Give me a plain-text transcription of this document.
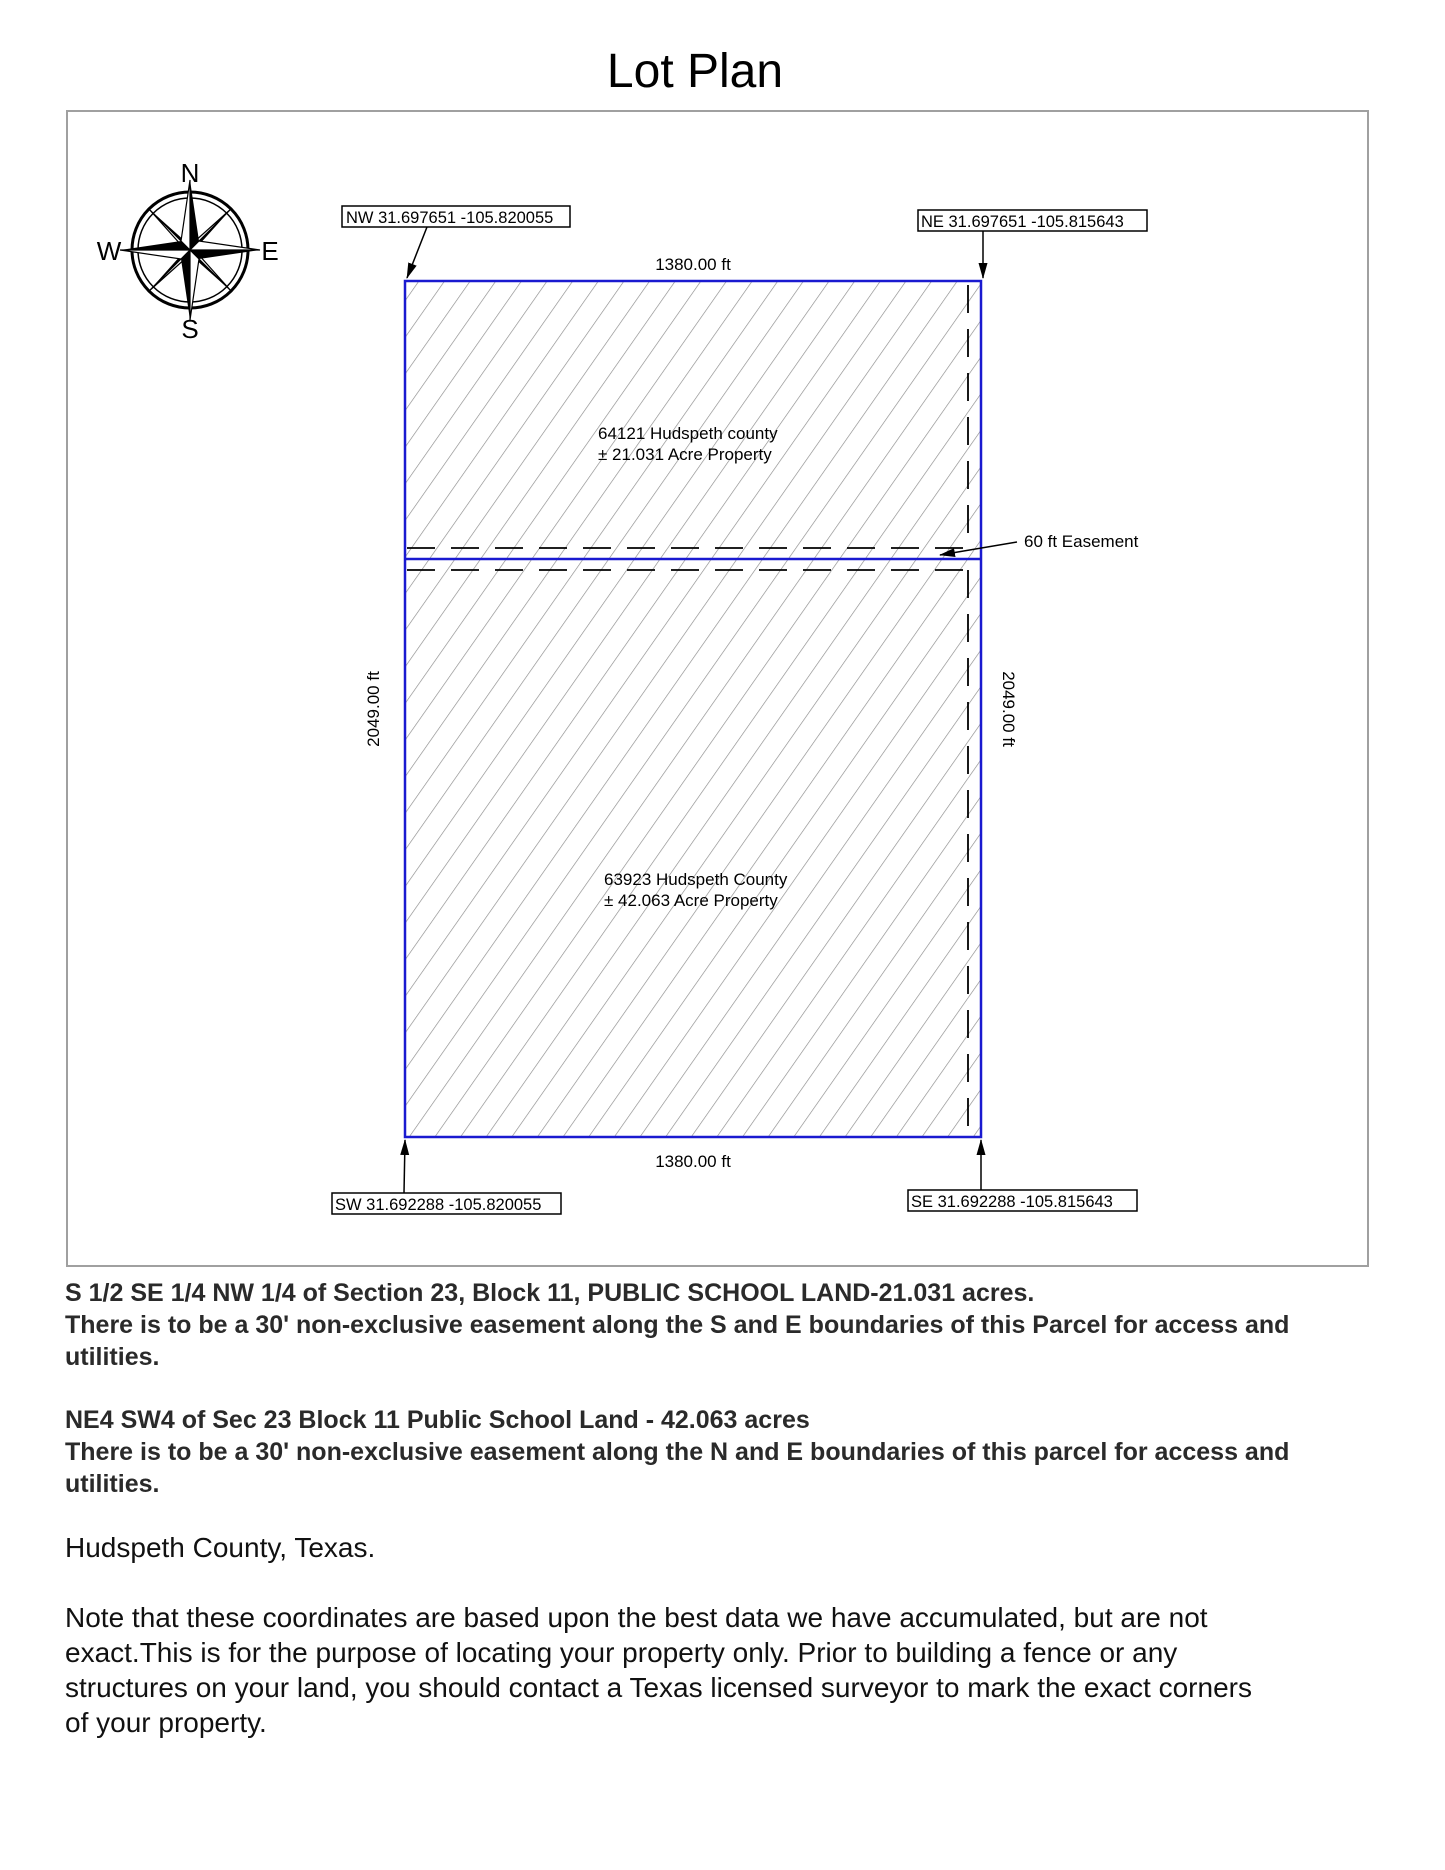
Lot Plan
N
S
E
W
NW 31.697651 -105.820055	NE 31.697651 -105.815643
SW 31.692288 -105.820055	SE 31.692288 -105.815643
1380.00 ft
1380.00 ft
2049.00 ft	2049.00 ft
60 ft Easement
64121 Hudspeth county
± 21.031 Acre Property
63923 Hudspeth County
± 42.063 Acre Property

S 1/2 SE 1/4 NW 1/4 of Section 23, Block 11, PUBLIC SCHOOL LAND-21.031 acres.

There is to be a 30' non-exclusive easement along the S and E boundaries of this Parcel for access and utilities.

NE4 SW4 of Sec 23 Block 11 Public School Land - 42.063 acres

There is to be a 30' non-exclusive easement along the N and E boundaries of this parcel for access and utilities.

Hudspeth County, Texas.

Note that these coordinates are based upon the best data we have accumulated, but are not exact.This is for the purpose of locating your property only. Prior to building a fence or any structures on your land, you should contact a Texas licensed surveyor to mark the exact corners of your property.
